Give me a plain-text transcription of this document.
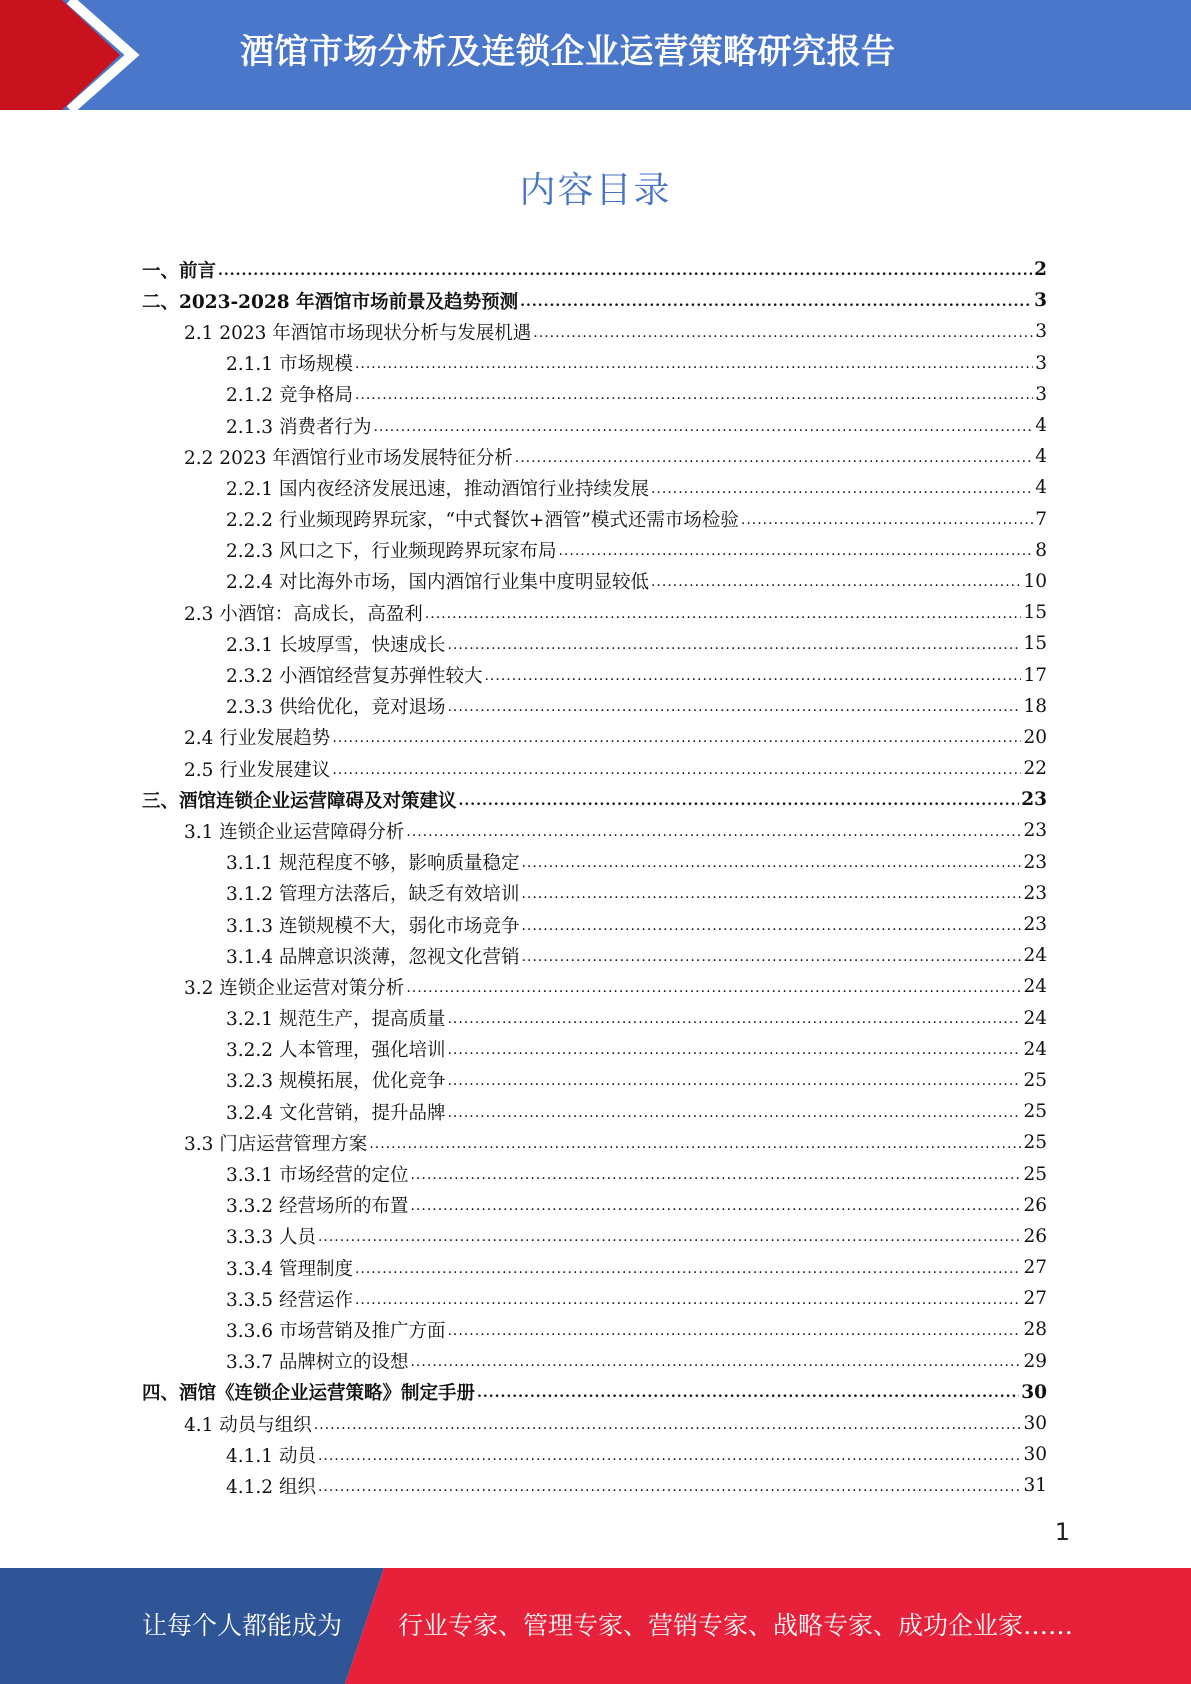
酒馆市场分析及连锁企业运营策略研究报告
内容目录
一、前言 .....	2
二、2023-2028 年酒馆市场前景及趋势预测 .....	3
2.1 2023 年酒馆市场现状分析与发展机遇 .....	3
2.1.1 市场规模 .....	3
2.1.2 竞争格局 .....	3
2.1.3 消费者行为 .....	4
2.2 2023 年酒馆行业市场发展特征分析 .....	4
2.2.1 国内夜经济发展迅速，推动酒馆行业持续发展 .....	4
2.2.2 行业频现跨界玩家，“中式餐饮+酒管”模式还需市场检验 .....	7
2.2.3 风口之下，行业频现跨界玩家布局 .....	8
2.2.4 对比海外市场，国内酒馆行业集中度明显较低 .....	10
2.3 小酒馆：高成长，高盈利 .....	15
2.3.1 长坡厚雪，快速成长 .....	15
2.3.2 小酒馆经营复苏弹性较大 .....	17
2.3.3 供给优化，竞对退场 .....	18
2.4 行业发展趋势 .....	20
2.5 行业发展建议 .....	22
三、酒馆连锁企业运营障碍及对策建议 .....	23
3.1 连锁企业运营障碍分析 .....	23
3.1.1 规范程度不够，影响质量稳定 .....	23
3.1.2 管理方法落后，缺乏有效培训 .....	23
3.1.3 连锁规模不大，弱化市场竞争 .....	23
3.1.4 品牌意识淡薄，忽视文化营销 .....	24
3.2 连锁企业运营对策分析 .....	24
3.2.1 规范生产，提高质量 .....	24
3.2.2 人本管理，强化培训 .....	24
3.2.3 规模拓展，优化竞争 .....	25
3.2.4 文化营销，提升品牌 .....	25
3.3 门店运营管理方案 .....	25
3.3.1 市场经营的定位 .....	25
3.3.2 经营场所的布置 .....	26
3.3.3 人员 .....	26
3.3.4 管理制度 .....	27
3.3.5 经营运作 .....	27
3.3.6 市场营销及推广方面 .....	28
3.3.7 品牌树立的设想 .....	29
四、酒馆《连锁企业运营策略》制定手册 .....	30
4.1 动员与组织 .....	30
4.1.1 动员 .....	30
4.1.2 组织 .....	31
1
让每个人都能成为 行业专家、管理专家、营销专家、战略专家、成功企业家……
